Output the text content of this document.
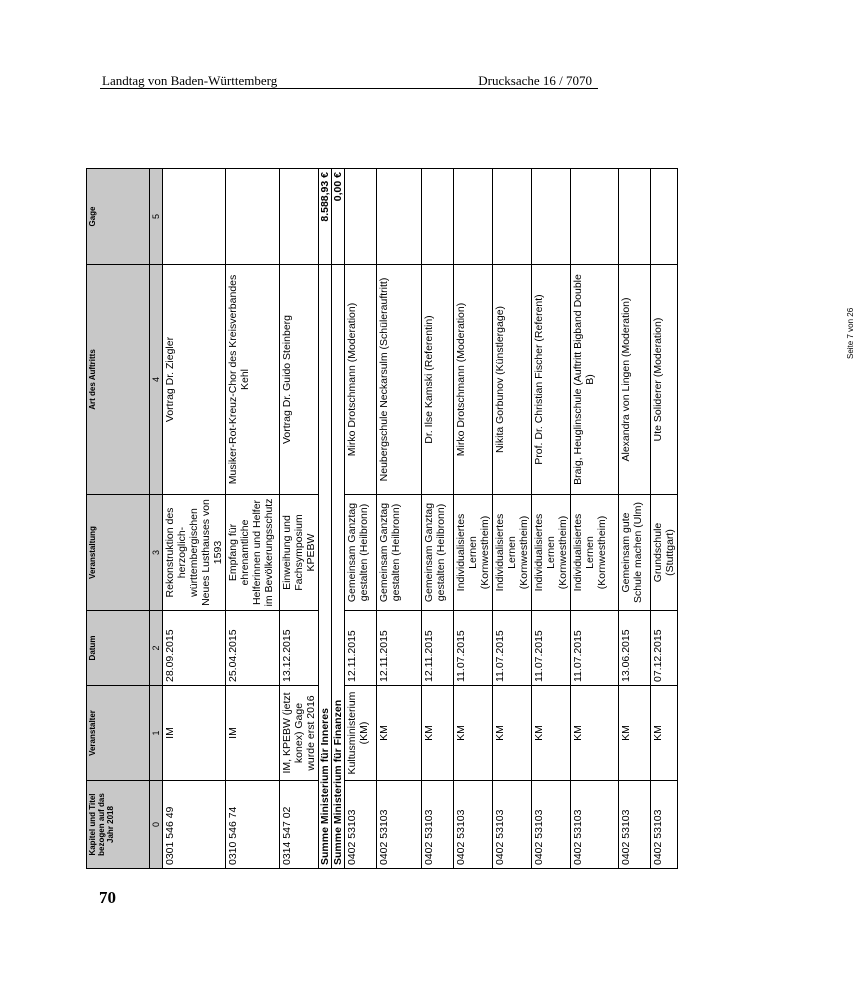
Landtag von Baden-Württemberg	Drucksache 16 / 7070
Kapitel und Titel bezogen auf das Jahr 2018	Veranstalter	Datum	Veranstaltung	Art des Auftritts	Gage
0	1	2	3	4	5
0301 546 49	IM	28.09.2015	Rekonstruktion des herzoglich-württembergischen Neues Lusthauses von 1593	Vortrag Dr. Ziegler	
0310 546 74	IM	25.04.2015	Empfang für ehrenamtliche Helferinnen und Helfer im Bevölkerungsschutz	Musiker-Rot-Kreuz-Chor des Kreisverbandes Kehl	
0314 547 02	IM, KPEBW (jetzt konex) Gage wurde erst 2016	13.12.2015	Einweihung und Fachsymposium KPEBW	Vortrag Dr. Guido Steinberg	
Summe Ministerium für Inneres					8.588,93 €
Summe Ministerium für Finanzen					0,00 €
0402 53103	Kultusministerium (KM)	12.11.2015	Gemeinsam Ganztag gestalten (Heilbronn)	Mirko Drotschmann (Moderation)	
0402 53103	KM	12.11.2015	Gemeinsam Ganztag gestalten (Heilbronn)	Neubergschule Neckarsulm (Schülerauftritt)	
0402 53103	KM	12.11.2015	Gemeinsam Ganztag gestalten (Heilbronn)	Dr. Ilse Kamski (Referentin)	
0402 53103	KM	11.07.2015	Individualisiertes Lernen (Kornwestheim)	Mirko Drotschmann (Moderation)	
0402 53103	KM	11.07.2015	Individualisiertes Lernen (Kornwestheim)	Nikita Gorbunov (Künstlergage)	
0402 53103	KM	11.07.2015	Individualisiertes Lernen (Kornwestheim)	Prof. Dr. Christian Fischer (Referent)	
0402 53103	KM	11.07.2015	Individualisiertes Lernen (Kornwestheim)	Braig, Heuglinschule (Auftritt Bigband Double B)	
0402 53103	KM	13.06.2015	Gemeinsam gute Schule machen (Ulm)	Alexandra von Lingen (Moderation)	
0402 53103	KM	07.12.2015	Grundschule (Stuttgart)	Ute Soliderer (Moderation)		Seite 7 von 26
70
